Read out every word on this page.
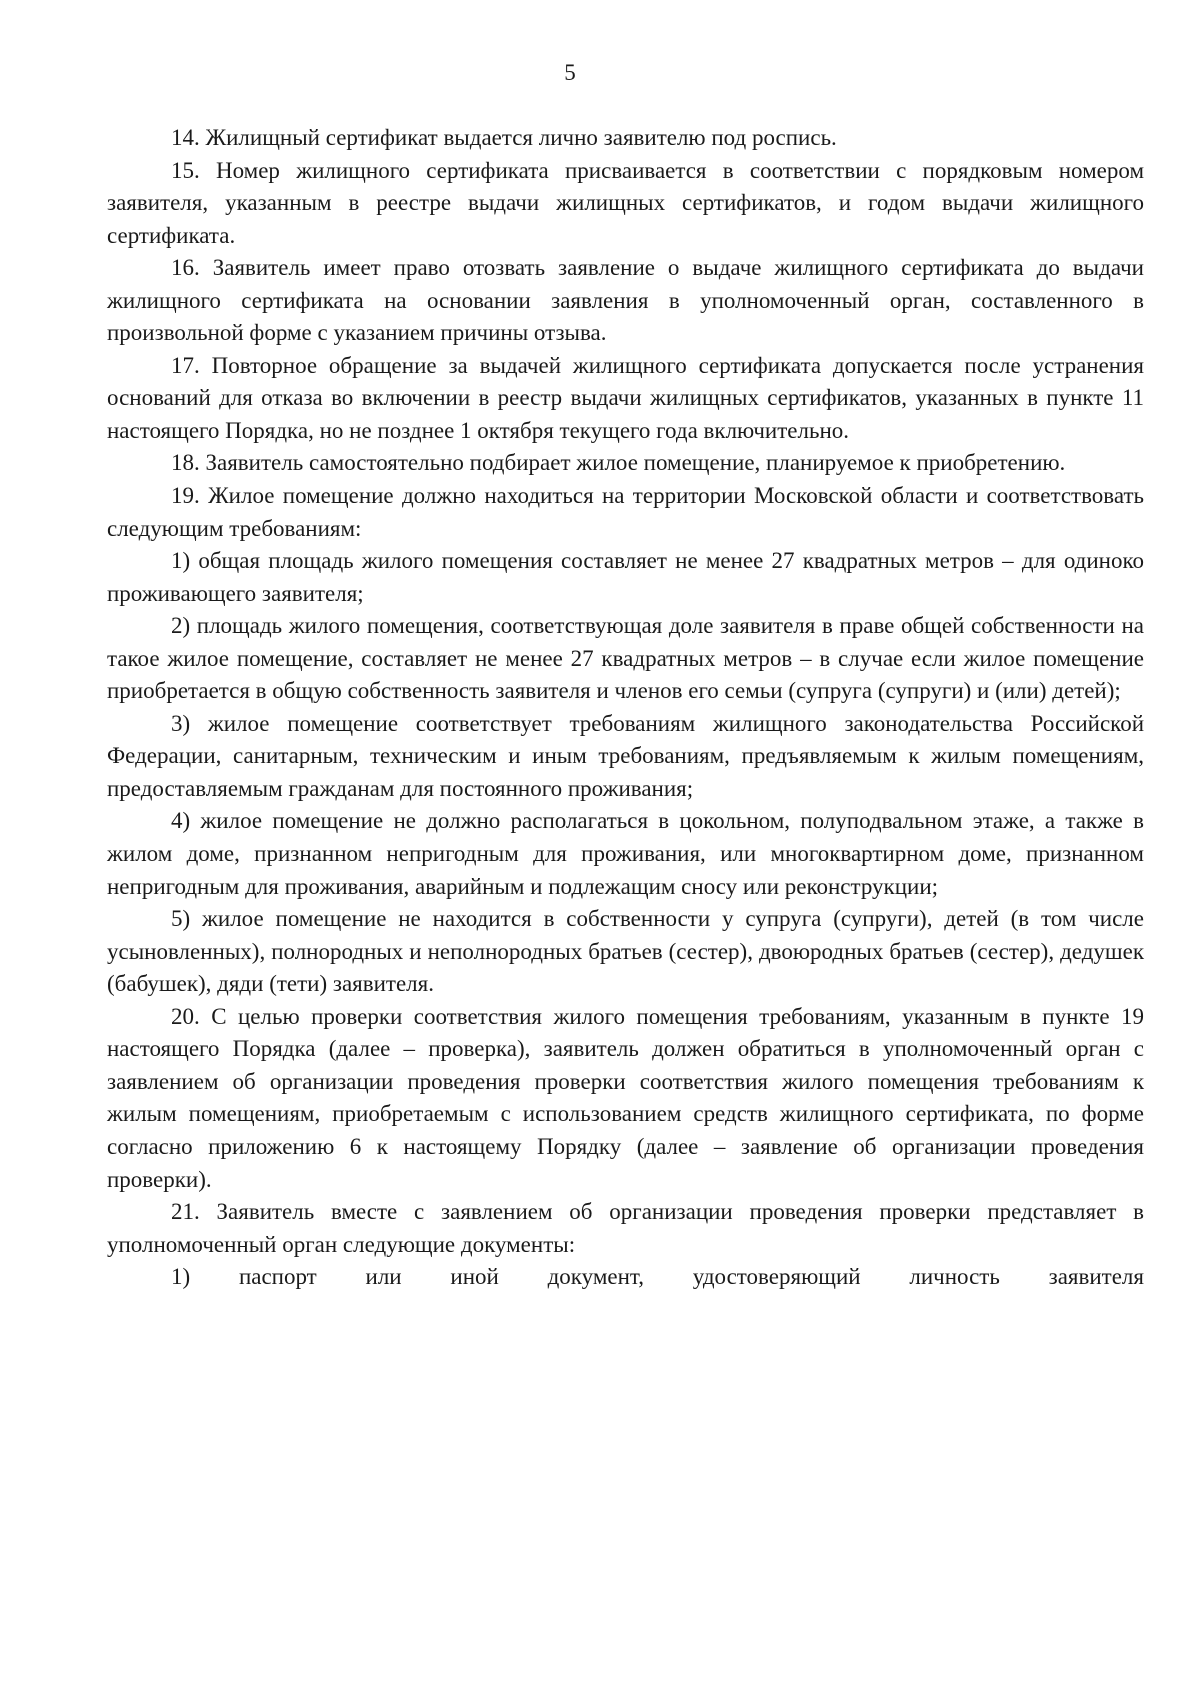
5

14. Жилищный сертификат выдается лично заявителю под роспись.

15. Номер жилищного сертификата присваивается в соответствии с порядковым номером заявителя, указанным в реестре выдачи жилищных сертификатов, и годом выдачи жилищного сертификата.

16. Заявитель имеет право отозвать заявление о выдаче жилищного сертификата до выдачи жилищного сертификата на основании заявления в уполномоченный орган, составленного в произвольной форме с указанием причины отзыва.

17. Повторное обращение за выдачей жилищного сертификата допускается после устранения оснований для отказа во включении в реестр выдачи жилищных сертификатов, указанных в пункте 11 настоящего Порядка, но не позднее 1 октября текущего года включительно.

18. Заявитель самостоятельно подбирает жилое помещение, планируемое к приобретению.

19. Жилое помещение должно находиться на территории Московской области и соответствовать следующим требованиям:

1) общая площадь жилого помещения составляет не менее 27 квадратных метров – для одиноко проживающего заявителя;

2) площадь жилого помещения, соответствующая доле заявителя в праве общей собственности на такое жилое помещение, составляет не менее 27 квадратных метров – в случае если жилое помещение приобретается в общую собственность заявителя и членов его семьи (супруга (супруги) и (или) детей);

3) жилое помещение соответствует требованиям жилищного законодательства Российской Федерации, санитарным, техническим и иным требованиям, предъявляемым к жилым помещениям, предоставляемым гражданам для постоянного проживания;

4) жилое помещение не должно располагаться в цокольном, полуподвальном этаже, а также в жилом доме, признанном непригодным для проживания, или многоквартирном доме, признанном непригодным для проживания, аварийным и подлежащим сносу или реконструкции;

5) жилое помещение не находится в собственности у супруга (супруги), детей (в том числе усыновленных), полнородных и неполнородных братьев (сестер), двоюродных братьев (сестер), дедушек (бабушек), дяди (тети) заявителя.

20. С целью проверки соответствия жилого помещения требованиям, указанным в пункте 19 настоящего Порядка (далее – проверка), заявитель должен обратиться в уполномоченный орган с заявлением об организации проведения проверки соответствия жилого помещения требованиям к жилым помещениям, приобретаемым с использованием средств жилищного сертификата, по форме согласно приложению 6 к настоящему Порядку (далее – заявление об организации проведения проверки).

21. Заявитель вместе с заявлением об организации проведения проверки представляет в уполномоченный орган следующие документы:

1) паспорт или иной документ, удостоверяющий личность заявителя
